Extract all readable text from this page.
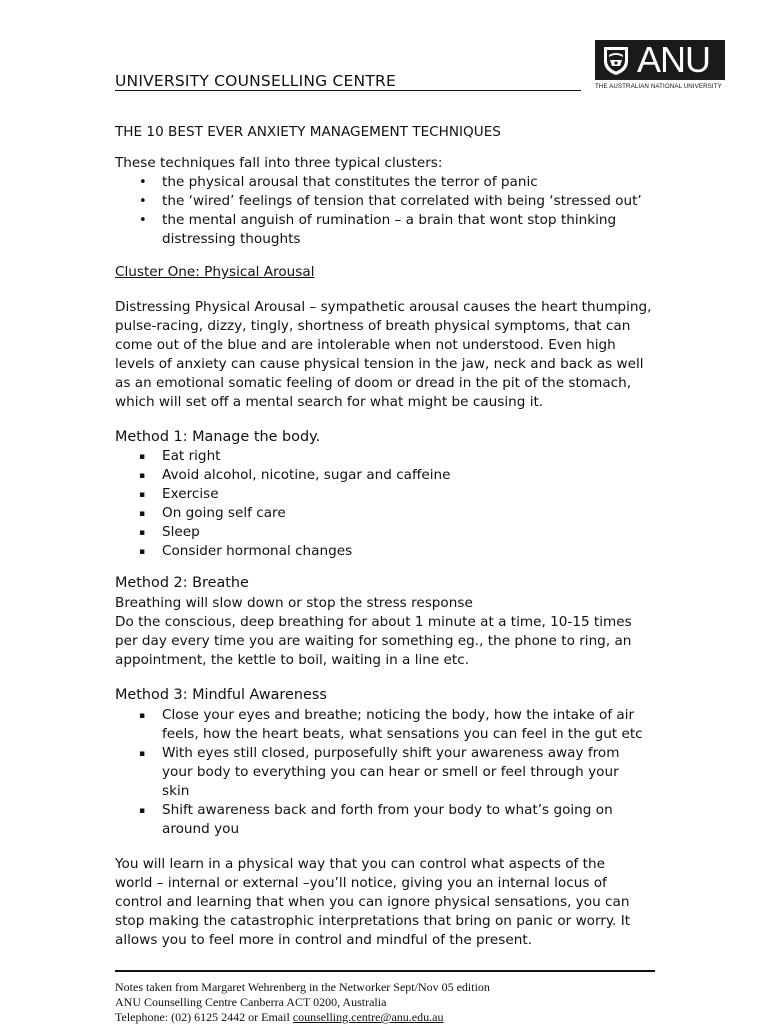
ANU
THE AUSTRALIAN NATIONAL UNIVERSITY
UNIVERSITY COUNSELLING CENTRE
THE 10 BEST EVER ANXIETY MANAGEMENT TECHNIQUES

These techniques fall into three typical clusters:

• the physical arousal that constitutes the terror of panic
• the ‘wired’ feelings of tension that correlated with being ‘stressed out’
• the mental anguish of rumination – a brain that wont stop thinking
distressing thoughts
Cluster One: Physical Arousal

Distressing Physical Arousal – sympathetic arousal causes the heart thumping,
pulse-racing, dizzy, tingly, shortness of breath physical symptoms, that can
come out of the blue and are intolerable when not understood. Even high
levels of anxiety can cause physical tension in the jaw, neck and back as well
as an emotional somatic feeling of doom or dread in the pit of the stomach,
which will set off a mental search for what might be causing it.

Method 1: Manage the body.
▪ Eat right
▪ Avoid alcohol, nicotine, sugar and caffeine
▪ Exercise
▪ On going self care
▪ Sleep
▪ Consider hormonal changes
Method 2: Breathe

Breathing will slow down or stop the stress response
Do the conscious, deep breathing for about 1 minute at a time, 10-15 times
per day every time you are waiting for something eg., the phone to ring, an
appointment, the kettle to boil, waiting in a line etc.

Method 3: Mindful Awareness
▪ Close your eyes and breathe; noticing the body, how the intake of air
feels, how the heart beats, what sensations you can feel in the gut etc
▪ With eyes still closed, purposefully shift your awareness away from
your body to everything you can hear or smell or feel through your
skin
▪ Shift awareness back and forth from your body to what’s going on
around you

You will learn in a physical way that you can control what aspects of the
world – internal or external –you’ll notice, giving you an internal locus of
control and learning that when you can ignore physical sensations, you can
stop making the catastrophic interpretations that bring on panic or worry. It
allows you to feel more in control and mindful of the present.

Notes taken from Margaret Wehrenberg in the Networker Sept/Nov 05 edition
ANU Counselling Centre Canberra ACT 0200, Australia
Telephone: (02) 6125 2442 or Email counselling.centre@anu.edu.au
